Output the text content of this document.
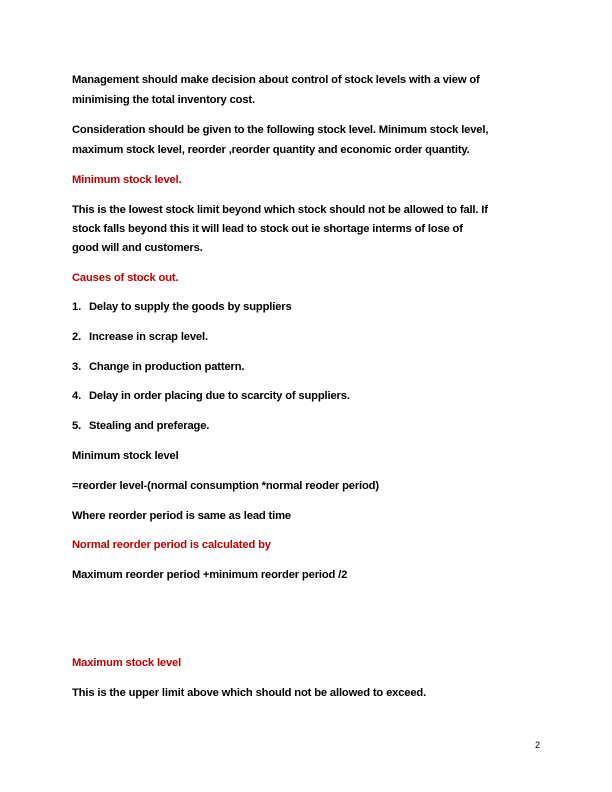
Management should make decision about control of stock levels with a view of

minimising the total inventory cost.

Consideration should be given to the following stock level. Minimum stock level,

maximum stock level, reorder ,reorder quantity and economic order quantity.

Minimum stock level.

This is the lowest stock limit beyond which stock should not be allowed to fall. If

stock falls beyond this it will lead to stock out ie shortage interms of lose of

good will and customers.

Causes of stock out.

1. Delay to supply the goods by suppliers

2. Increase in scrap level.

3. Change in production pattern.

4. Delay in order placing due to scarcity of suppliers.

5. Stealing and preferage.

Minimum stock level

=reorder level-(normal consumption *normal reoder period)

Where reorder period is same as lead time

Normal reorder period is calculated by

Maximum reorder period +minimum reorder period /2

Maximum stock level

This is the upper limit above which should not be allowed to exceed.

2
